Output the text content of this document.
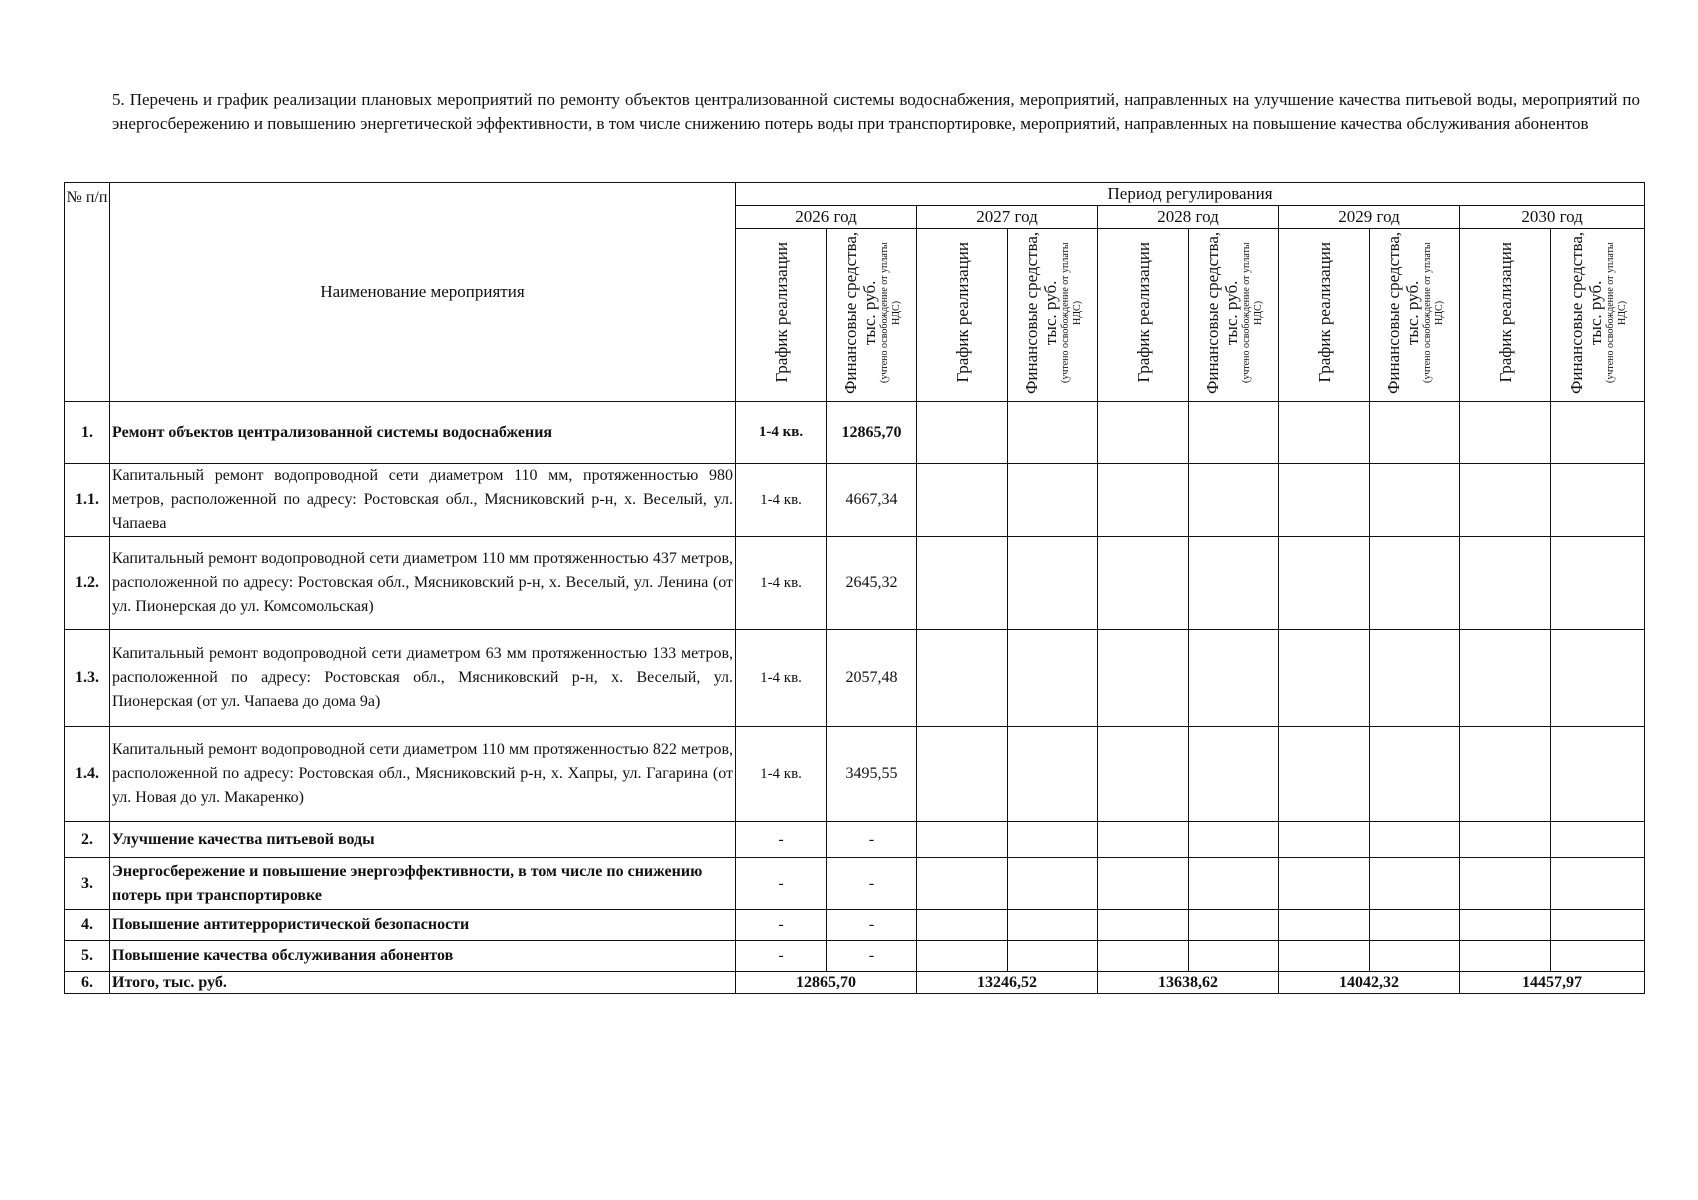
5. Перечень и график реализации плановых мероприятий по ремонту объектов централизованной системы водоснабжения, мероприятий, направленных на улучшение качества питьевой воды, мероприятий по энергосбережению и повышению энергетической эффективности, в том числе снижению потерь воды при транспортировке, мероприятий, направленных на повышение качества обслуживания абонентов

№ п/п	Наименование мероприятия	Период регулирования									
		2026 год		2027 год		2028 год		2029 год		2030 год	
		График реализации	Финансовые средства, тыс. руб. (учтено освобождение от уплаты НДС)	График реализации	Финансовые средства, тыс. руб. (учтено освобождение от уплаты НДС)	График реализации	Финансовые средства, тыс. руб. (учтено освобождение от уплаты НДС)	График реализации	Финансовые средства, тыс. руб. (учтено освобождение от уплаты НДС)	График реализации	Финансовые средства, тыс. руб. (учтено освобождение от уплаты НДС)

1.	Ремонт объектов централизованной системы водоснабжения	1-4 кв.	12865,70								
1.1.	Капитальный ремонт водопроводной сети диаметром 110 мм, протяженностью 980 метров, расположенной по адресу: Ростовская обл., Мясниковский р-н, х. Веселый, ул. Чапаева	1-4 кв.	4667,34								
1.2.	Капитальный ремонт водопроводной сети диаметром 110 мм протяженностью 437 метров, расположенной по адресу: Ростовская обл., Мясниковский р-н, х. Веселый, ул. Ленина (от ул. Пионерская до ул. Комсомольская)	1-4 кв.	2645,32								
1.3.	Капитальный ремонт водопроводной сети диаметром 63 мм протяженностью 133 метров, расположенной по адресу: Ростовская обл., Мясниковский р-н, х. Веселый, ул. Пионерская (от ул. Чапаева до дома 9а)	1-4 кв.	2057,48								
1.4.	Капитальный ремонт водопроводной сети диаметром 110 мм протяженностью 822 метров, расположенной по адресу: Ростовская обл., Мясниковский р-н, х. Хапры, ул. Гагарина (от ул. Новая до ул. Макаренко)	1-4 кв.	3495,55								
2.	Улучшение качества питьевой воды	-	-								
3.	Энергосбережение и повышение энергоэффективности, в том числе по снижению потерь при транспортировке	-	-								
4.	Повышение антитеррористической безопасности	-	-								
5.	Повышение качества обслуживания абонентов	-	-								
6.	Итого, тыс. руб.	12865,70		13246,52		13638,62		14042,32		14457,97	
